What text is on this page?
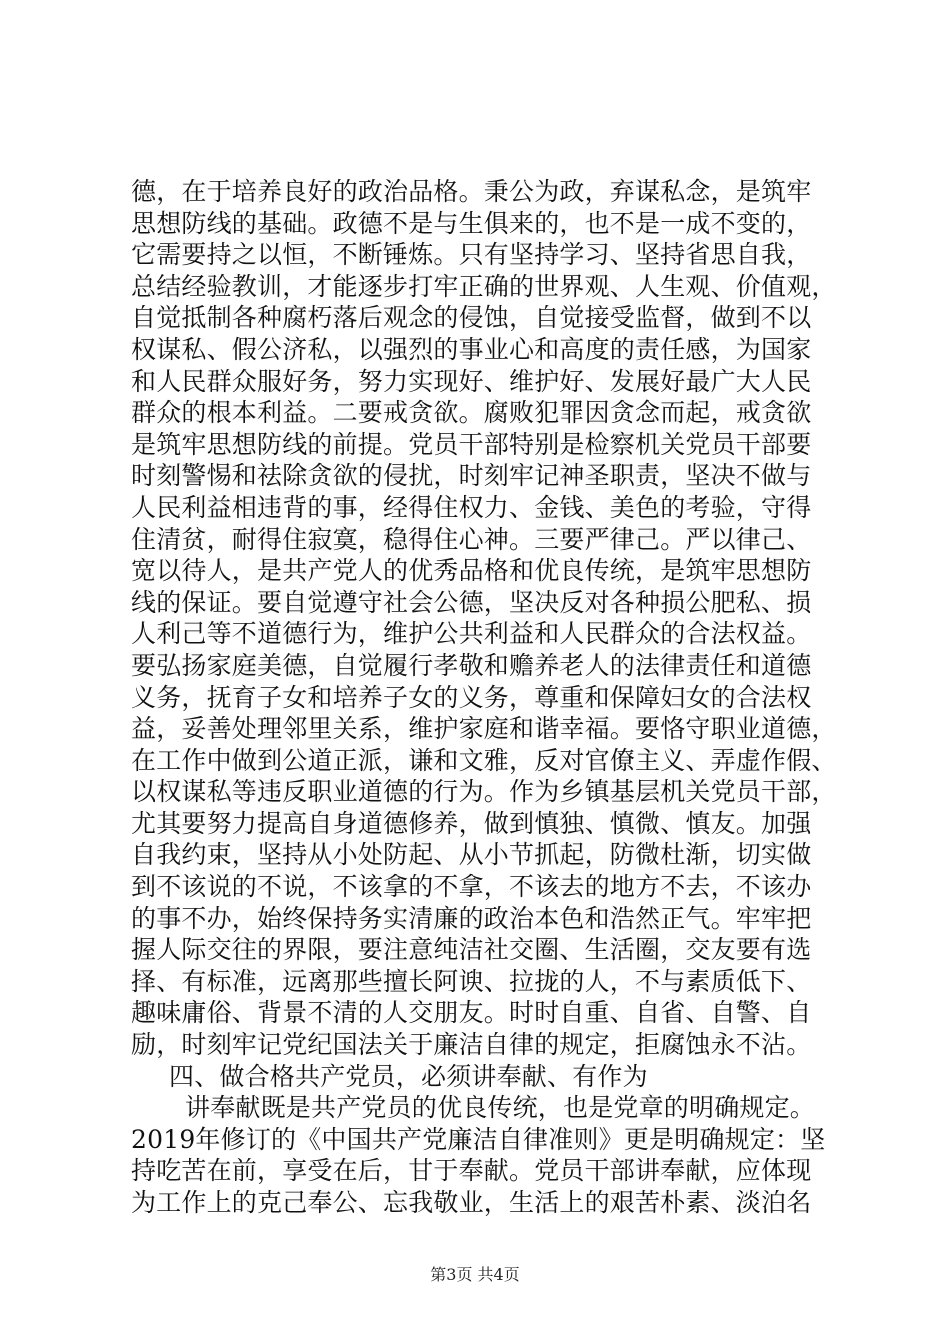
德，在于培养良好的政治品格。秉公为政，弃谋私念，是筑牢
思想防线的基础。政德不是与生俱来的，也不是一成不变的，
它需要持之以恒，不断锤炼。只有坚持学习、坚持省思自我，
总结经验教训，才能逐步打牢正确的世界观、人生观、价值观，
自觉抵制各种腐朽落后观念的侵蚀，自觉接受监督，做到不以
权谋私、假公济私，以强烈的事业心和高度的责任感，为国家
和人民群众服好务，努力实现好、维护好、发展好最广大人民
群众的根本利益。二要戒贪欲。腐败犯罪因贪念而起，戒贪欲
是筑牢思想防线的前提。党员干部特别是检察机关党员干部要
时刻警惕和祛除贪欲的侵扰，时刻牢记神圣职责，坚决不做与
人民利益相违背的事，经得住权力、金钱、美色的考验，守得
住清贫，耐得住寂寞，稳得住心神。三要严律己。严以律己、
宽以待人，是共产党人的优秀品格和优良传统，是筑牢思想防
线的保证。要自觉遵守社会公德，坚决反对各种损公肥私、损
人利己等不道德行为，维护公共利益和人民群众的合法权益。
要弘扬家庭美德，自觉履行孝敬和赡养老人的法律责任和道德
义务，抚育子女和培养子女的义务，尊重和保障妇女的合法权
益，妥善处理邻里关系，维护家庭和谐幸福。要恪守职业道德，
在工作中做到公道正派，谦和文雅，反对官僚主义、弄虚作假、
以权谋私等违反职业道德的行为。作为乡镇基层机关党员干部，
尤其要努力提高自身道德修养，做到慎独、慎微、慎友。加强
自我约束，坚持从小处防起、从小节抓起，防微杜渐，切实做
到不该说的不说，不该拿的不拿，不该去的地方不去，不该办
的事不办，始终保持务实清廉的政治本色和浩然正气。牢牢把
握人际交往的界限，要注意纯洁社交圈、生活圈，交友要有选
择、有标准，远离那些擅长阿谀、拉拢的人，不与素质低下、
趣味庸俗、背景不清的人交朋友。时时自重、自省、自警、自
励，时刻牢记党纪国法关于廉洁自律的规定，拒腐蚀永不沾。
四、做合格共产党员，必须讲奉献、有作为
讲奉献既是共产党员的优良传统，也是党章的明确规定。
2019年修订的《中国共产党廉洁自律准则》更是明确规定：坚
持吃苦在前，享受在后，甘于奉献。党员干部讲奉献，应体现
为工作上的克己奉公、忘我敬业，生活上的艰苦朴素、淡泊名
第3页 共4页
